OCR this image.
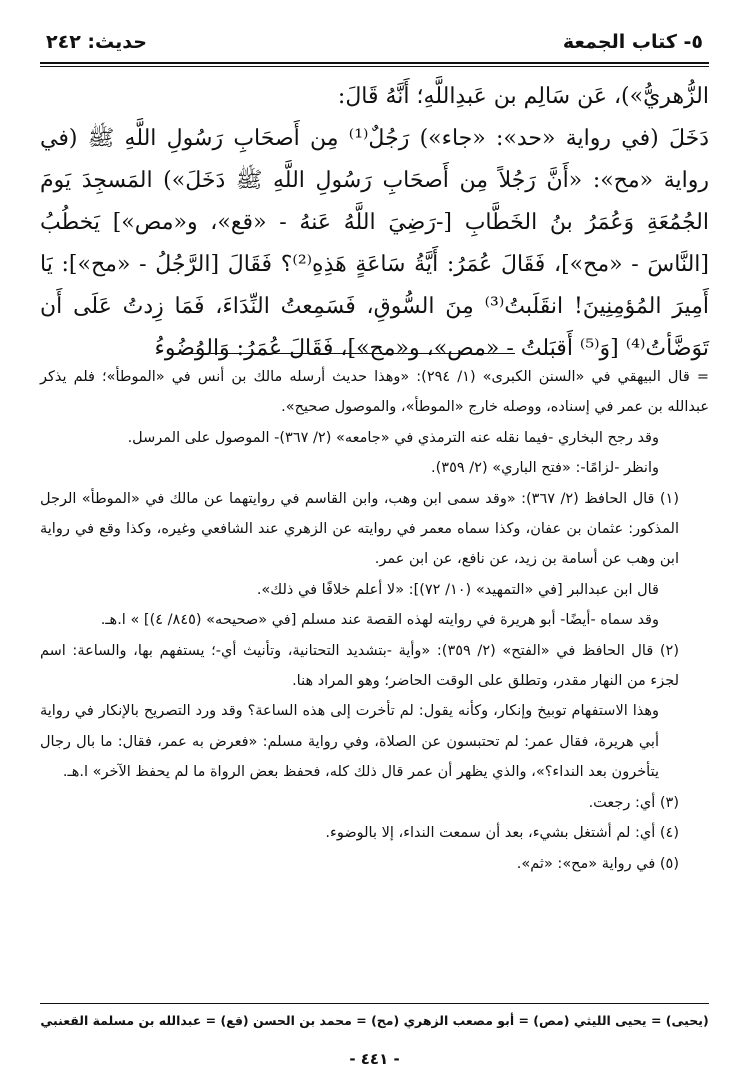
٥- كتاب الجمعة
حديث: ٢٤٢

الزُّهريُّ»)، عَن سَالِم بن عَبدِاللَّهِ؛ أَنَّهُ قَالَ:

دَخَلَ (في رواية «حد»: «جاء») رَجُلٌ⁽¹⁾ مِن أَصحَابِ رَسُولِ اللَّهِ ﷺ (في رواية «مح»: «أَنَّ رَجُلاً مِن أَصحَابِ رَسُولِ اللَّهِ ﷺ دَخَلَ») المَسجِدَ يَومَ الجُمُعَةِ وَعُمَرُ بنُ الخَطَّابِ [-رَضِيَ اللَّهُ عَنهُ - «قع»، و«مص»] يَخطُبُ [النَّاسَ - «مح»]، فَقَالَ عُمَرُ: أَيَّةُ سَاعَةٍ هَذِهِ⁽²⁾؟ فَقَالَ [الرَّجُلُ - «مح»]: يَا أَمِيرَ المُؤمِنِينَ! انقَلَبتُ⁽³⁾ مِنَ السُّوقِ، فَسَمِعتُ النِّدَاءَ، فَمَا زِدتُ عَلَى أَن تَوَضَّأتُ⁽⁴⁾ [وَ⁽⁵⁾ أَقبَلتُ - «مص»، و«مح»]، فَقَالَ عُمَرُ: وَالوُضُوءُ

= قال البيهقي في «السنن الكبرى» (١/ ٢٩٤): «وهذا حديث أرسله مالك بن أنس في «الموطأ»؛ فلم يذكر عبدالله بن عمر في إسناده، ووصله خارج «الموطأ»، والموصول صحيح».

وقد رجح البخاري -فيما نقله عنه الترمذي في «جامعه» (٢/ ٣٦٧)- الموصول على المرسل.

وانظر -لزامًا-: «فتح الباري» (٢/ ٣٥٩).

(١) قال الحافظ (٢/ ٣٦٧): «وقد سمى ابن وهب، وابن القاسم في روايتهما عن مالك في «الموطأ» الرجل المذكور: عثمان بن عفان، وكذا سماه معمر في روايته عن الزهري عند الشافعي وغيره، وكذا وقع في رواية ابن وهب عن أسامة بن زيد، عن نافع، عن ابن عمر.

قال ابن عبدالبر [في «التمهيد» (١٠/ ٧٢)]: «لا أعلم خلافًا في ذلك».

وقد سماه -أيضًا- أبو هريرة في روايته لهذه القصة عند مسلم [في «صحيحه» (٨٤٥/ ٤)] » ا.هـ.

(٢) قال الحافظ في «الفتح» (٢/ ٣٥٩): «وأية -بتشديد التحتانية، وتأنيث أي-؛ يستفهم بها، والساعة: اسم لجزء من النهار مقدر، وتطلق على الوقت الحاضر؛ وهو المراد هنا.

وهذا الاستفهام توبيخ وإنكار، وكأنه يقول: لم تأخرت إلى هذه الساعة؟ وقد ورد التصريح بالإنكار في رواية أبي هريرة، فقال عمر: لم تحتبسون عن الصلاة، وفي رواية مسلم: «فعرض به عمر، فقال: ما بال رجال يتأخرون بعد النداء؟»، والذي يظهر أن عمر قال ذلك كله، فحفظ بعض الرواة ما لم يحفظ الآخر» ا.هـ.

(٣) أي: رجعت.

(٤) أي: لم أشتغل بشيء، بعد أن سمعت النداء، إلا بالوضوء.

(٥) في رواية «مح»: «ثم».

(يحيى) = يحيى الليثي (مص) = أبو مصعب الزهري (مح) = محمد بن الحسن (قع) = عبدالله بن مسلمة القعنبي
- ٤٤١ -
